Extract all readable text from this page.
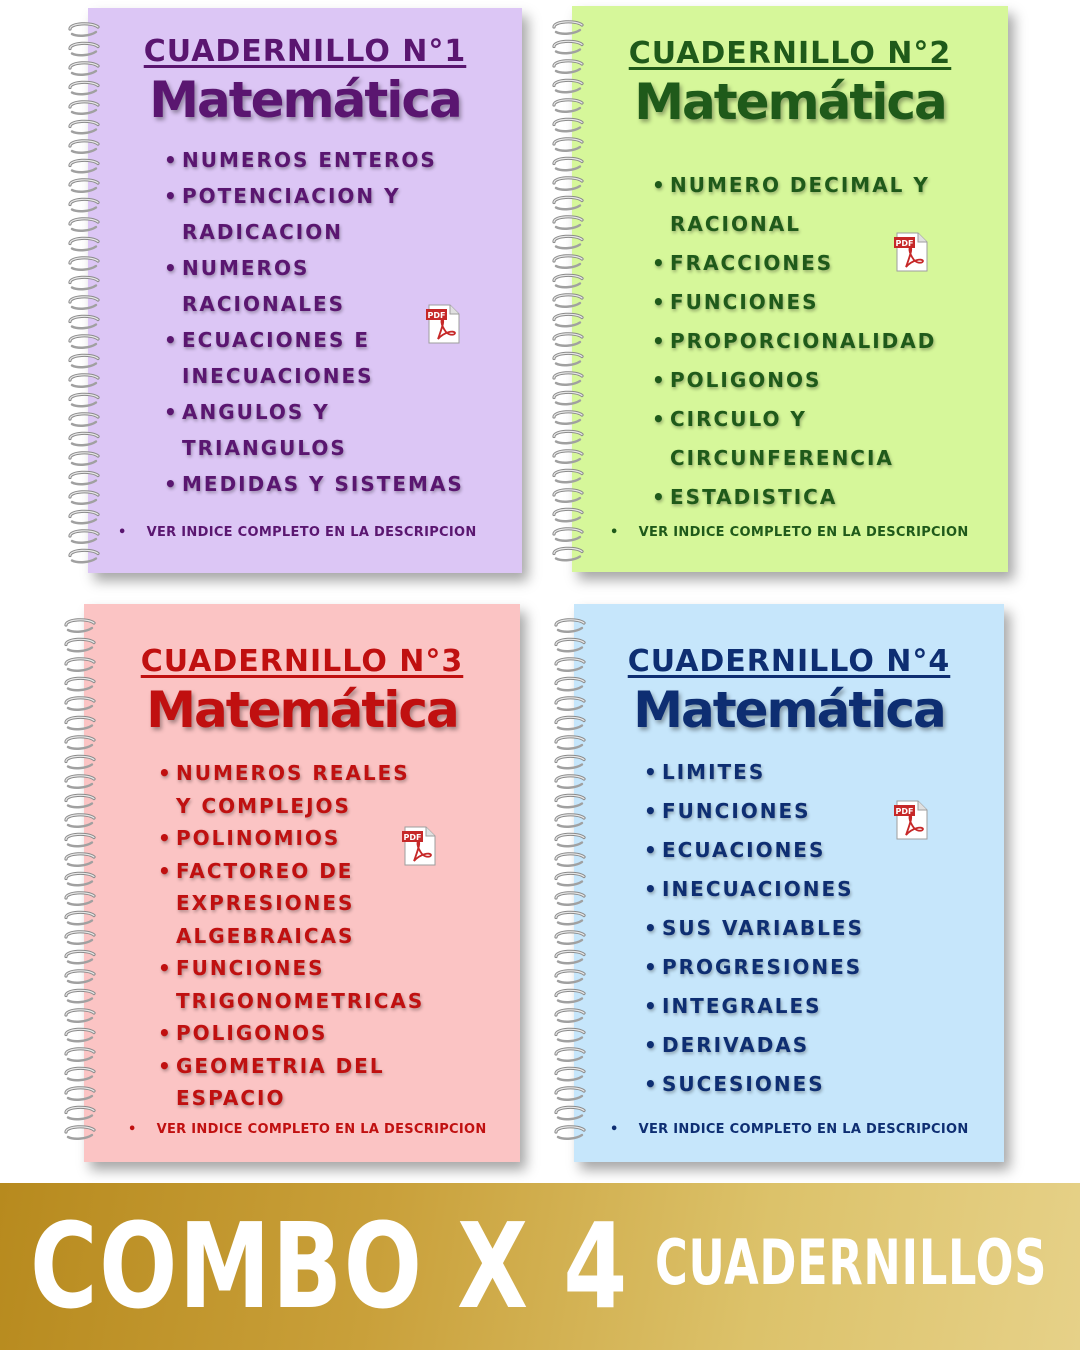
CUADERNILLO N°1
Matemática
• NUMEROS ENTEROS
• POTENCIACION Y
RADICACION
• NUMEROS
RACIONALES
• ECUACIONES E
INECUACIONES
• ANGULOS Y
TRIANGULOS
• MEDIDAS Y SISTEMAS
• VER INDICE COMPLETO EN LA DESCRIPCION
PDF
CUADERNILLO N°2
Matemática
• NUMERO DECIMAL Y
RACIONAL
• FRACCIONES
• FUNCIONES
• PROPORCIONALIDAD
• POLIGONOS
• CIRCULO Y
CIRCUNFERENCIA
• ESTADISTICA
• VER INDICE COMPLETO EN LA DESCRIPCION
PDF
CUADERNILLO N°3
Matemática
• NUMEROS REALES
Y COMPLEJOS
• POLINOMIOS
• FACTOREO DE
EXPRESIONES
ALGEBRAICAS
• FUNCIONES
TRIGONOMETRICAS
• POLIGONOS
• GEOMETRIA DEL
ESPACIO
• VER INDICE COMPLETO EN LA DESCRIPCION
PDF
CUADERNILLO N°4
Matemática
• LIMITES
• FUNCIONES
• ECUACIONES
• INECUACIONES
• SUS VARIABLES
• PROGRESIONES
• INTEGRALES
• DERIVADAS
• SUCESIONES
• VER INDICE COMPLETO EN LA DESCRIPCION
PDF
COMBO X 4 CUADERNILLOS
